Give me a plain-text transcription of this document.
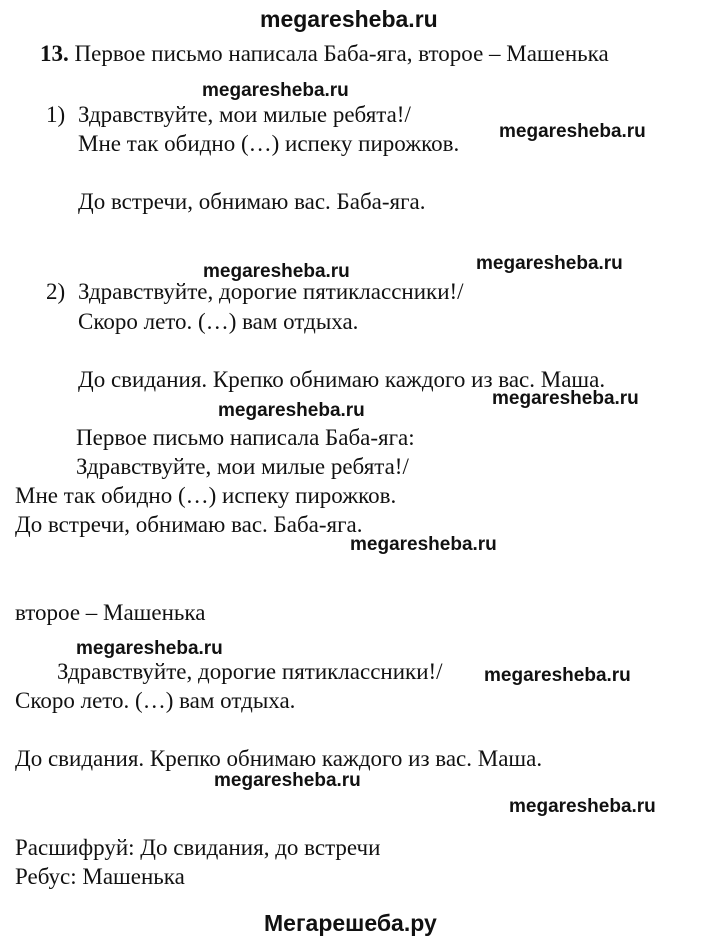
megaresheba.ru
13. Первое письмо написала Баба-яга, второе – Машенька
1) Здравствуйте, мои милые ребята!/
Мне так обидно (…) испеку пирожков.
До встречи, обнимаю вас. Баба-яга.
2) Здравствуйте, дорогие пятиклассники!/
Скоро лето. (…) вам отдыха.
До свидания. Крепко обнимаю каждого из вас. Маша.
Первое письмо написала Баба-яга:
Здравствуйте, мои милые ребята!/
Мне так обидно (…) испеку пирожков.
До встречи, обнимаю вас. Баба-яга.
второе – Машенька
Здравствуйте, дорогие пятиклассники!/
Скоро лето. (…) вам отдыха.
До свидания. Крепко обнимаю каждого из вас. Маша.
Расшифруй: До свидания, до встречи
Ребус: Машенька
megaresheba.ru
megaresheba.ru
megaresheba.ru	megaresheba.ru
megaresheba.ru
megaresheba.ru
megaresheba.ru
megaresheba.ru
megaresheba.ru
megaresheba.ru
megaresheba.ru
Мегарешеба.ру
